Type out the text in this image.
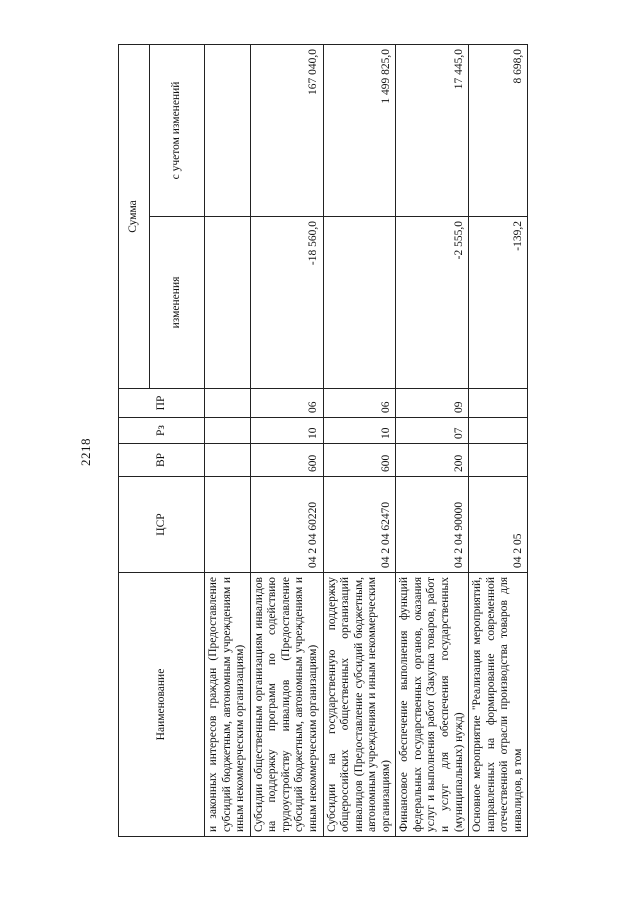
2218
Наименование	ЦСР	ВР	Рз	ПР	Сумма	
					изменения	с учетом изменений
и законных интересов граждан (Предоставление субсидий бюджетным, автономным учреждениям и иным некоммерческим организациям)						
Субсидии общественным организациям инвалидов на поддержку программ по содействию трудоустройству инвалидов (Предоставление субсидий бюджетным, автономным учреждениям и иным некоммерческим организациям)	04 2 04 60220	600	10	06	-18 560,0	167 040,0
Субсидии на государственную поддержку общероссийских общественных организаций инвалидов (Предоставление субсидий бюджетным, автономным учреждениям и иным некоммерческим организациям)	04 2 04 62470	600	10	06		1 499 825,0
Финансовое обеспечение выполнения функций федеральных государственных органов, оказания услуг и выполнения работ (Закупка товаров, работ и услуг для обеспечения государственных (муниципальных) нужд)	04 2 04 90000	200	07	09	-2 555,0	17 445,0
Основное мероприятие "Реализация мероприятий, направленных на формирование современной отечественной отрасли производства товаров для инвалидов, в том	04 2 05				-139,2	8 698,0
